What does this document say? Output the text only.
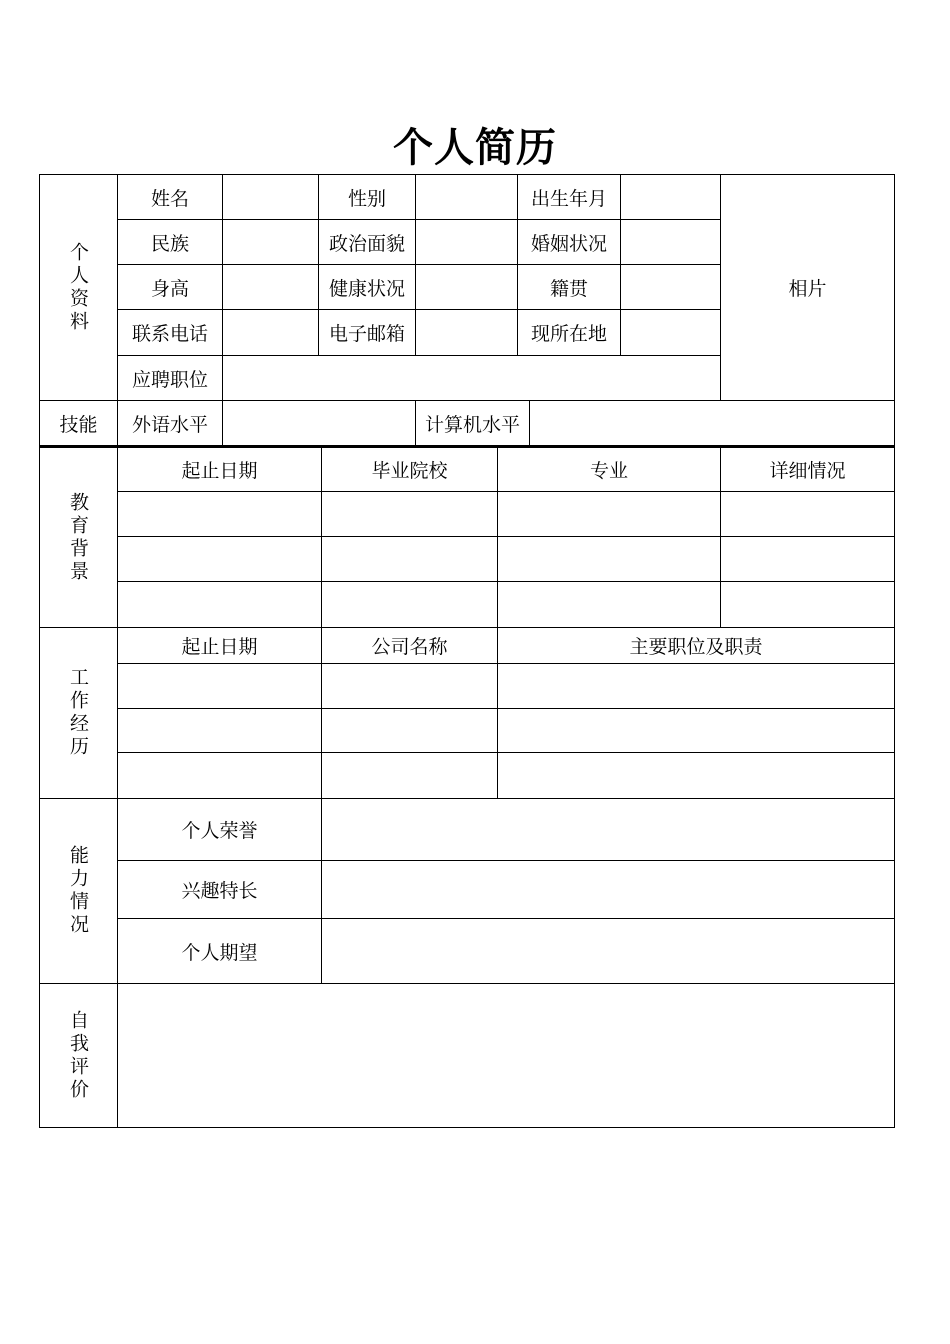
个人简历
个人资料
姓名	性别	出生年月
民族	政治面貌	婚姻状况
身高	健康状况	籍贯
联系电话	电子邮箱	现所在地
应聘职位
相片
技能	外语水平	计算机水平
教育背景
起止日期	毕业院校	专业	详细情况
工作经历
起止日期	公司名称	主要职位及职责
能力情况
个人荣誉
兴趣特长
个人期望
自我评价
